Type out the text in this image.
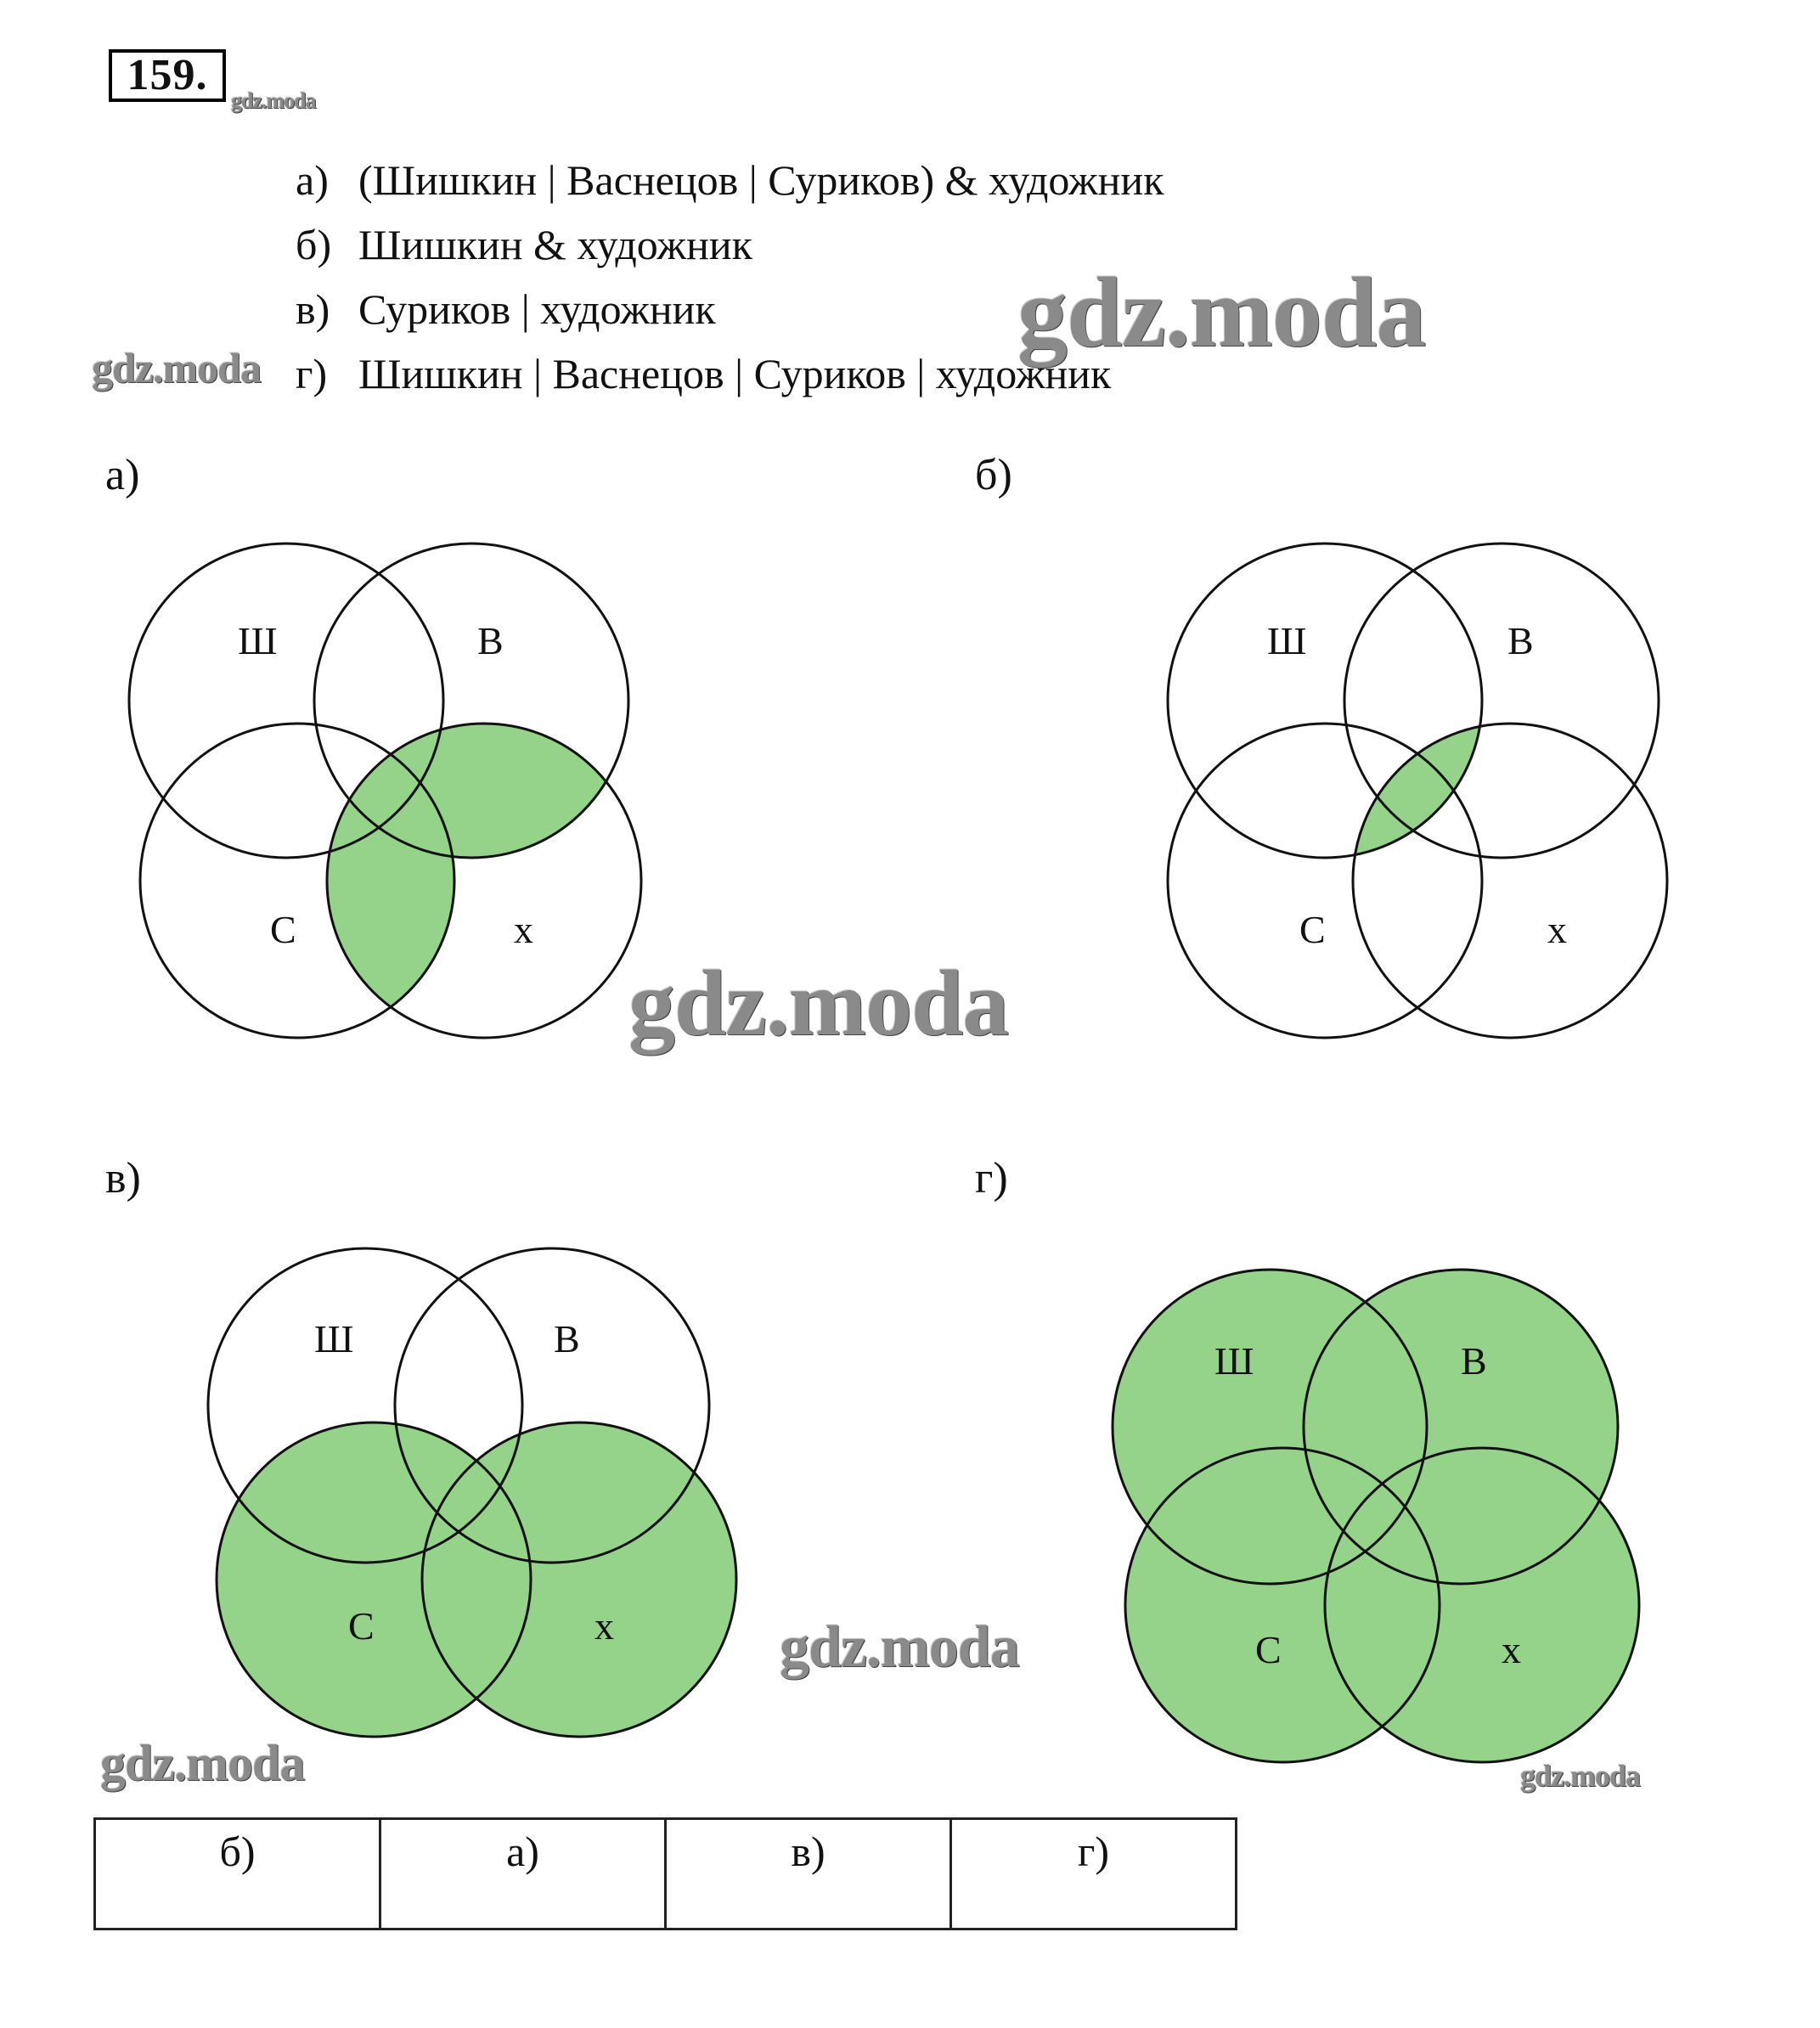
159.
gdz.moda
а) (Шишкин | Васнецов | Суриков) & художник
б) Шишкин & художник
в) Суриков | художник
г) Шишкин | Васнецов | Суриков | художник
а)	б)
в)	г)
Ш	В
С	х
Ш	В
С	х
Ш	В
С	х
Ш	В
С	х
gdz.moda	gdz.moda
gdz.moda
gdz.moda
gdz.moda	gdz.moda
б)	а)	в)	г)
